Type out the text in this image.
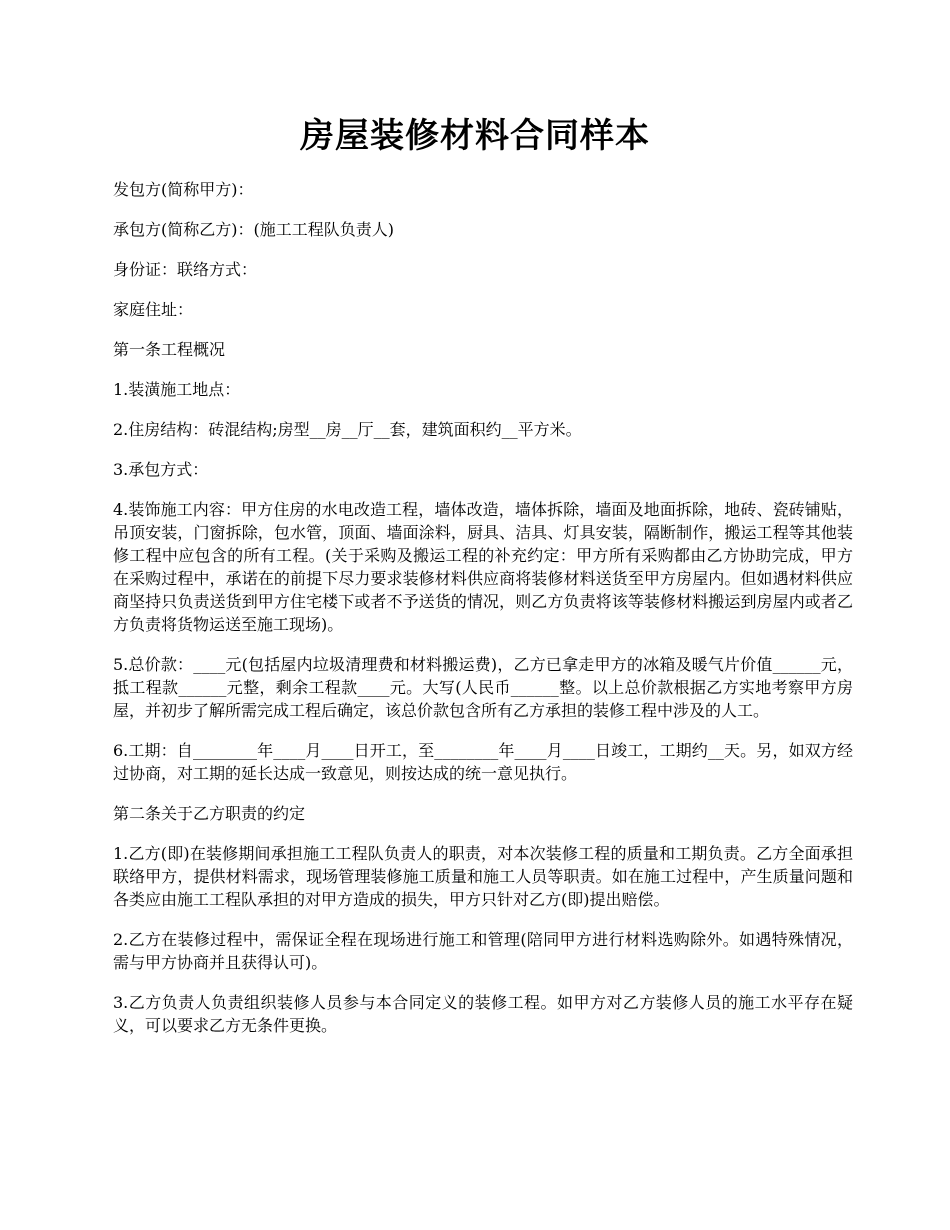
房屋装修材料合同样本

发包方(简称甲方)：

承包方(简称乙方)：(施工工程队负责人)

身份证：联络方式：

家庭住址：

第一条工程概况

1.装潢施工地点：

2.住房结构：砖混结构;房型__房__厅__套，建筑面积约__平方米。

3.承包方式：

4.装饰施工内容：甲方住房的水电改造工程，墙体改造，墙体拆除，墙面及地面拆除，地砖、瓷砖铺贴，吊顶安装，门窗拆除，包水管，顶面、墙面涂料，厨具、洁具、灯具安装，隔断制作，搬运工程等其他装修工程中应包含的所有工程。(关于采购及搬运工程的补充约定：甲方所有采购都由乙方协助完成，甲方在采购过程中，承诺在的前提下尽力要求装修材料供应商将装修材料送货至甲方房屋内。但如遇材料供应商坚持只负责送货到甲方住宅楼下或者不予送货的情况，则乙方负责将该等装修材料搬运到房屋内或者乙方负责将货物运送至施工现场)。

5.总价款：____元(包括屋内垃圾清理费和材料搬运费)，乙方已拿走甲方的冰箱及暖气片价值______元，抵工程款______元整，剩余工程款____元。大写(人民币______整。以上总价款根据乙方实地考察甲方房屋，并初步了解所需完成工程后确定，该总价款包含所有乙方承担的装修工程中涉及的人工。

6.工期：自________年____月____日开工，至________年____月____日竣工，工期约__天。另，如双方经过协商，对工期的延长达成一致意见，则按达成的统一意见执行。

第二条关于乙方职责的约定

1.乙方(即)在装修期间承担施工工程队负责人的职责，对本次装修工程的质量和工期负责。乙方全面承担联络甲方，提供材料需求，现场管理装修施工质量和施工人员等职责。如在施工过程中，产生质量问题和各类应由施工工程队承担的对甲方造成的损失，甲方只针对乙方(即)提出赔偿。

2.乙方在装修过程中，需保证全程在现场进行施工和管理(陪同甲方进行材料选购除外。如遇特殊情况，需与甲方协商并且获得认可)。

3.乙方负责人负责组织装修人员参与本合同定义的装修工程。如甲方对乙方装修人员的施工水平存在疑义，可以要求乙方无条件更换。
